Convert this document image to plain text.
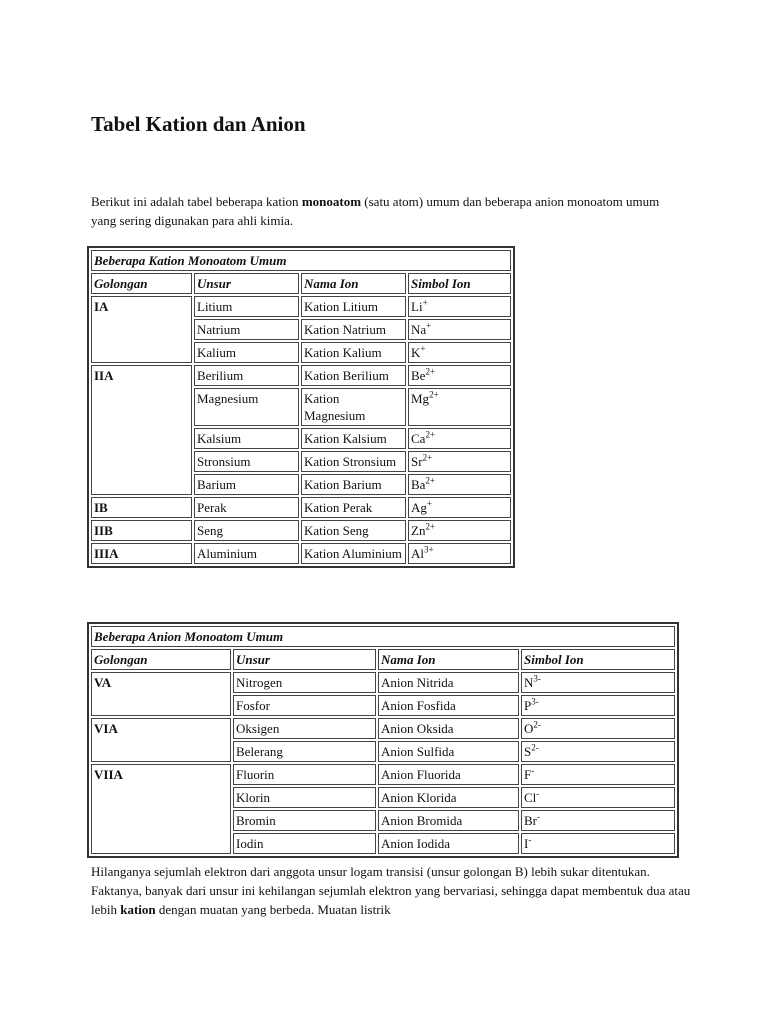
Tabel Kation dan Anion

Berikut ini adalah tabel beberapa kation monoatom (satu atom) umum dan beberapa anion monoatom umum yang sering digunakan para ahli kimia.

Beberapa Kation Monoatom Umum			
Golongan	Unsur	Nama Ion	Simbol Ion
IA	Litium	Kation Litium	Li+
	Natrium	Kation Natrium	Na+
	Kalium	Kation Kalium	K+
IIA	Berilium	Kation Berilium	$Be^{2+}$
	Magnesium	Kation Magnesium	$Mg^{2+}$
	Kalsium	Kation Kalsium	$Ca^{2+}$
	Stronsium	Kation Stronsium	$Sr^{2+}$
	Barium	Kation Barium	$Ba^{2+}$
IB	Perak	Kation Perak	Ag+
IIB	Seng	Kation Seng	$Zn^{2+}$
IIIA	Aluminium	Kation Aluminium	$Al^{3+}$
Beberapa Anion Monoatom Umum			
Golongan	Unsur	Nama Ion	Simbol Ion
VA	Nitrogen	Anion Nitrida	$N^{3-}$
	Fosfor	Anion Fosfida	$P^{3-}$
VIA	Oksigen	Anion Oksida	$O^{2-}$
	Belerang	Anion Sulfida	$S^{2-}$
VIIA	Fluorin	Anion Fluorida	F-
	Klorin	Anion Klorida	Cl-
	Bromin	Anion Bromida	Br-
	Iodin	Anion Iodida	I-

Hilanganya sejumlah elektron dari anggota unsur logam transisi (unsur golongan B) lebih sukar ditentukan. Faktanya, banyak dari unsur ini kehilangan sejumlah elektron yang bervariasi, sehingga dapat membentuk dua atau lebih kation dengan muatan yang berbeda. Muatan listrik
